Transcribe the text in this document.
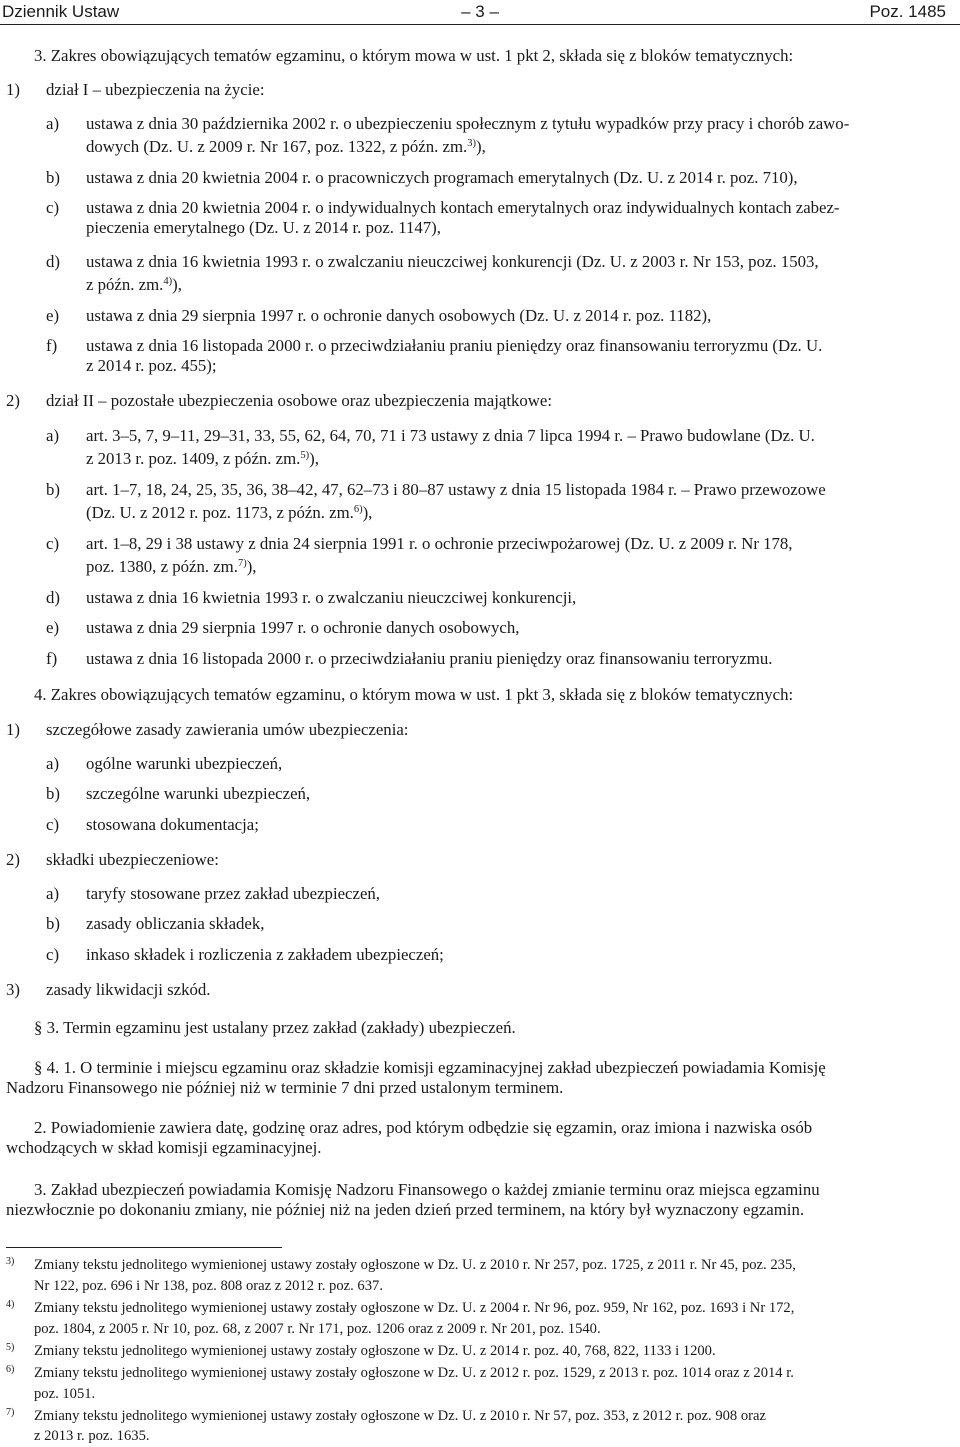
Dziennik Ustaw	– 3 –	Poz. 1485
3. Zakres obowiązujących tematów egzaminu, o którym mowa w ust. 1 pkt 2, składa się z bloków tematycznych:
1) dział I – ubezpieczenia na życie:
a) ustawa z dnia 30 października 2002 r. o ubezpieczeniu społecznym z tytułu wypadków przy pracy i chorób zawo-
dowych (Dz. U. z 2009 r. Nr 167, poz. 1322, z późn. zm.$^{3)}$),
b) ustawa z dnia 20 kwietnia 2004 r. o pracowniczych programach emerytalnych (Dz. U. z 2014 r. poz. 710),
c) ustawa z dnia 20 kwietnia 2004 r. o indywidualnych kontach emerytalnych oraz indywidualnych kontach zabez-
pieczenia emerytalnego (Dz. U. z 2014 r. poz. 1147),
d) ustawa z dnia 16 kwietnia 1993 r. o zwalczaniu nieuczciwej konkurencji (Dz. U. z 2003 r. Nr 153, poz. 1503,
z późn. zm.$^{4)}$),
e) ustawa z dnia 29 sierpnia 1997 r. o ochronie danych osobowych (Dz. U. z 2014 r. poz. 1182),
f) ustawa z dnia 16 listopada 2000 r. o przeciwdziałaniu praniu pieniędzy oraz finansowaniu terroryzmu (Dz. U.
z 2014 r. poz. 455);
2) dział II – pozostałe ubezpieczenia osobowe oraz ubezpieczenia majątkowe:
a) art. 3–5, 7, 9–11, 29–31, 33, 55, 62, 64, 70, 71 i 73 ustawy z dnia 7 lipca 1994 r. – Prawo budowlane (Dz. U.
z 2013 r. poz. 1409, z późn. zm.$^{5)}$),
b) art. 1–7, 18, 24, 25, 35, 36, 38–42, 47, 62–73 i 80–87 ustawy z dnia 15 listopada 1984 r. – Prawo przewozowe
(Dz. U. z 2012 r. poz. 1173, z późn. zm.$^{6)}$),
c) art. 1–8, 29 i 38 ustawy z dnia 24 sierpnia 1991 r. o ochronie przeciwpożarowej (Dz. U. z 2009 r. Nr 178,
poz. 1380, z późn. zm.$^{7)}$),
d) ustawa z dnia 16 kwietnia 1993 r. o zwalczaniu nieuczciwej konkurencji,
e) ustawa z dnia 29 sierpnia 1997 r. o ochronie danych osobowych,
f) ustawa z dnia 16 listopada 2000 r. o przeciwdziałaniu praniu pieniędzy oraz finansowaniu terroryzmu.
4. Zakres obowiązujących tematów egzaminu, o którym mowa w ust. 1 pkt 3, składa się z bloków tematycznych:
1) szczegółowe zasady zawierania umów ubezpieczenia:
a) ogólne warunki ubezpieczeń,
b) szczególne warunki ubezpieczeń,
c) stosowana dokumentacja;
2) składki ubezpieczeniowe:
a) taryfy stosowane przez zakład ubezpieczeń,
b) zasady obliczania składek,
c) inkaso składek i rozliczenia z zakładem ubezpieczeń;
3) zasady likwidacji szkód.
§ 3. Termin egzaminu jest ustalany przez zakład (zakłady) ubezpieczeń.
§ 4. 1. O terminie i miejscu egzaminu oraz składzie komisji egzaminacyjnej zakład ubezpieczeń powiadamia Komisję
Nadzoru Finansowego nie później niż w terminie 7 dni przed ustalonym terminem.
2. Powiadomienie zawiera datę, godzinę oraz adres, pod którym odbędzie się egzamin, oraz imiona i nazwiska osób
wchodzących w skład komisji egzaminacyjnej.
3. Zakład ubezpieczeń powiadamia Komisję Nadzoru Finansowego o każdej zmianie terminu oraz miejsca egzaminu
niezwłocznie po dokonaniu zmiany, nie później niż na jeden dzień przed terminem, na który był wyznaczony egzamin.
3) Zmiany tekstu jednolitego wymienionej ustawy zostały ogłoszone w Dz. U. z 2010 r. Nr 257, poz. 1725, z 2011 r. Nr 45, poz. 235,
Nr 122, poz. 696 i Nr 138, poz. 808 oraz z 2012 r. poz. 637.
4) Zmiany tekstu jednolitego wymienionej ustawy zostały ogłoszone w Dz. U. z 2004 r. Nr 96, poz. 959, Nr 162, poz. 1693 i Nr 172,
poz. 1804, z 2005 r. Nr 10, poz. 68, z 2007 r. Nr 171, poz. 1206 oraz z 2009 r. Nr 201, poz. 1540.
5) Zmiany tekstu jednolitego wymienionej ustawy zostały ogłoszone w Dz. U. z 2014 r. poz. 40, 768, 822, 1133 i 1200.
6) Zmiany tekstu jednolitego wymienionej ustawy zostały ogłoszone w Dz. U. z 2012 r. poz. 1529, z 2013 r. poz. 1014 oraz z 2014 r.
poz. 1051.
7) Zmiany tekstu jednolitego wymienionej ustawy zostały ogłoszone w Dz. U. z 2010 r. Nr 57, poz. 353, z 2012 r. poz. 908 oraz
z 2013 r. poz. 1635.
